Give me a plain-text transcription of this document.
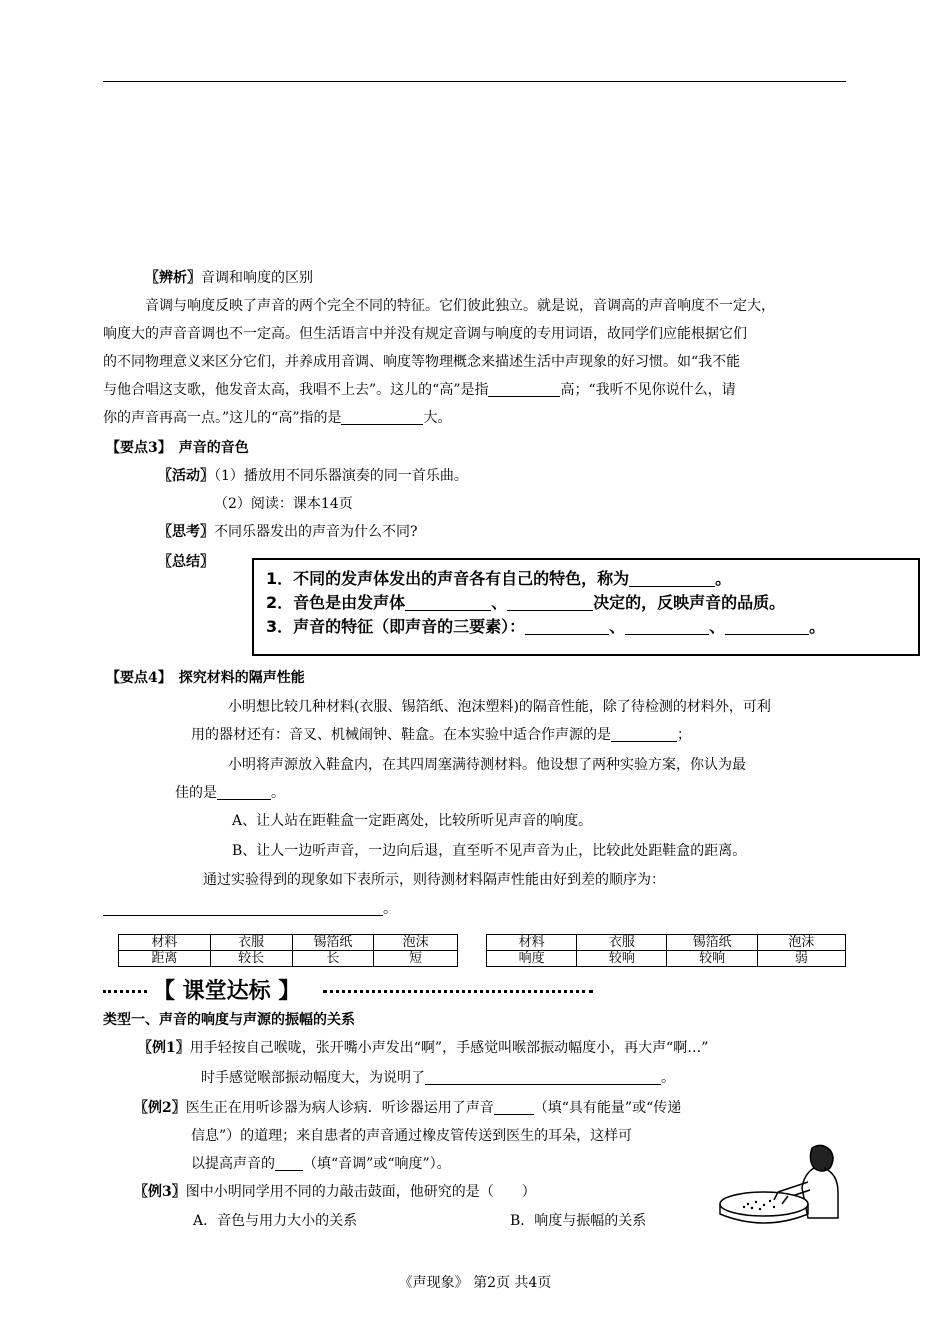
〖辨析〗音调和响度的区别
音调与响度反映了声音的两个完全不同的特征。它们彼此独立。就是说，音调高的声音响度不一定大，
响度大的声音音调也不一定高。但生活语言中并没有规定音调与响度的专用词语，故同学们应能根据它们
的不同物理意义来区分它们，并养成用音调、响度等物理概念来描述生活中声现象的好习惯。如“我不能
与他合唱这支歌，他发音太高，我唱不上去”。这儿的“高”是指	高；“我听不见你说什么，请
你的声音再高一点。”这儿的“高”指的是	大。
【要点3】　声音的音色
〖活动〗（1）播放用不同乐器演奏的同一首乐曲。
（2）阅读：课本14页
〖思考〗不同乐器发出的声音为什么不同?
〖总结〗
1．不同的发声体发出的声音各有自己的特色，称为	。
2．音色是由发声体	、	决定的，反映声音的品质。
3．声音的特征（即声音的三要素）：	、	、	。
【要点4】　探究材料的隔声性能
小明想比较几种材料(衣服、锡箔纸、泡沫塑料)的隔音性能，除了待检测的材料外，可利
用的器材还有：音叉、机械闹钟、鞋盒。在本实验中适合作声源的是	；
小明将声源放入鞋盒内，在其四周塞满待测材料。他设想了两种实验方案，你认为最
佳的是	。
A、让人站在距鞋盒一定距离处，比较所听见声音的响度。
B、让人一边听声音，一边向后退，直至听不见声音为止，比较此处距鞋盒的距离。
通过实验得到的现象如下表所示，则待测材料隔声性能由好到差的顺序为：
。
材料	衣服	锡箔纸	泡沫
距离	较长	长	短
材料	衣服	锡箔纸	泡沫
响度	较响	较响	弱
【 课堂达标 】
类型一、声音的响度与声源的振幅的关系
〖例1〗用手轻按自己喉咙，张开嘴小声发出“啊”，手感觉叫喉部振动幅度小，再大声“啊…”
时手感觉喉部振动幅度大，为说明了	。
〖例2〗医生正在用听诊器为病人诊病．听诊器运用了声音	（填“具有能量”或“传递
信息”）的道理；来自患者的声音通过橡皮管传送到医生的耳朵，这样可
以提高声音的 （填“音调”或“响度”）。
〖例3〗图中小明同学用不同的力敲击鼓面，他研究的是（　　）
A．音色与用力大小的关系	B．响度与振幅的关系
《声现象》 第2页 共4页
